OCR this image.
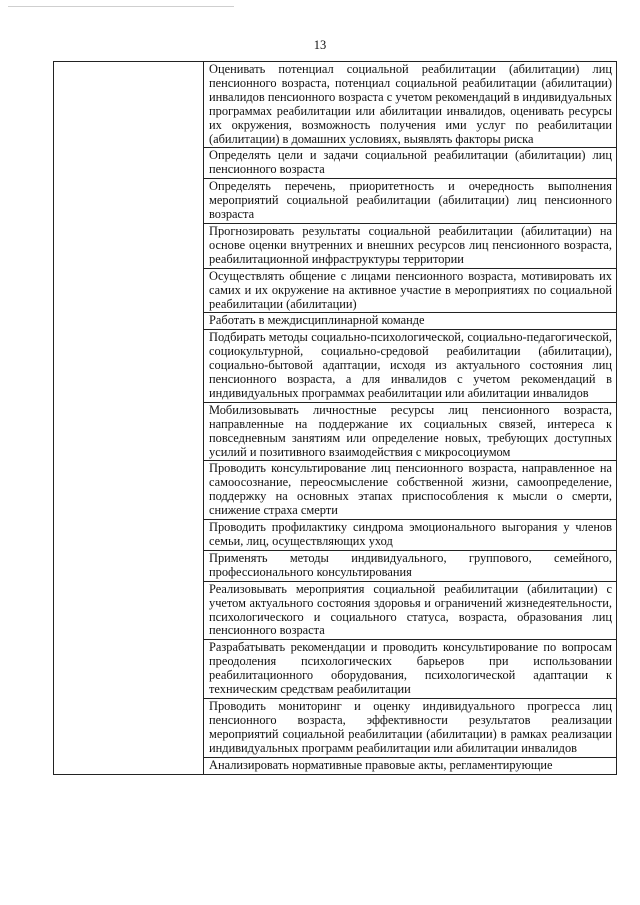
13
	Оценивать потенциал социальной реабилитации (абилитации) лиц пенсионного возраста, потенциал социальной реабилитации (абилитации) инвалидов пенсионного возраста с учетом рекомендаций в индивидуальных программах реабилитации или абилитации инвалидов, оценивать ресурсы их окружения, возможность получения ими услуг по реабилитации (абилитации) в домашних условиях, выявлять факторы риска
Определять цели и задачи социальной реабилитации (абилитации) лиц пенсионного возраста
Определять перечень, приоритетность и очередность выполнения мероприятий социальной реабилитации (абилитации) лиц пенсионного возраста
Прогнозировать результаты социальной реабилитации (абилитации) на основе оценки внутренних и внешних ресурсов лиц пенсионного возраста, реабилитационной инфраструктуры территории
Осуществлять общение с лицами пенсионного возраста, мотивировать их самих и их окружение на активное участие в мероприятиях по социальной реабилитации (абилитации)
Работать в междисциплинарной команде
Подбирать методы социально-психологической, социально-педагогической, социокультурной, социально-средовой реабилитации (абилитации), социально-бытовой адаптации, исходя из актуального состояния лиц пенсионного возраста, а для инвалидов с учетом рекомендаций в индивидуальных программах реабилитации или абилитации инвалидов
Мобилизовывать личностные ресурсы лиц пенсионного возраста, направленные на поддержание их социальных связей, интереса к повседневным занятиям или определение новых, требующих доступных усилий и позитивного взаимодействия с микросоциумом
Проводить консультирование лиц пенсионного возраста, направленное на самоосознание, переосмысление собственной жизни, самоопределение, поддержку на основных этапах приспособления к мысли о смерти, снижение страха смерти
Проводить профилактику синдрома эмоционального выгорания у членов семьи, лиц, осуществляющих уход
Применять методы индивидуального, группового, семейного, профессионального консультирования
Реализовывать мероприятия социальной реабилитации (абилитации) с учетом актуального состояния здоровья и ограничений жизнедеятельности, психологического и социального статуса, возраста, образования лиц пенсионного возраста
Разрабатывать рекомендации и проводить консультирование по вопросам преодоления психологических барьеров при использовании реабилитационного оборудования, психологической адаптации к техническим средствам реабилитации
Проводить мониторинг и оценку индивидуального прогресса лиц пенсионного возраста, эффективности результатов реализации мероприятий социальной реабилитации (абилитации) в рамках реализации индивидуальных программ реабилитации или абилитации инвалидов
Анализировать нормативные правовые акты, регламентирующие
